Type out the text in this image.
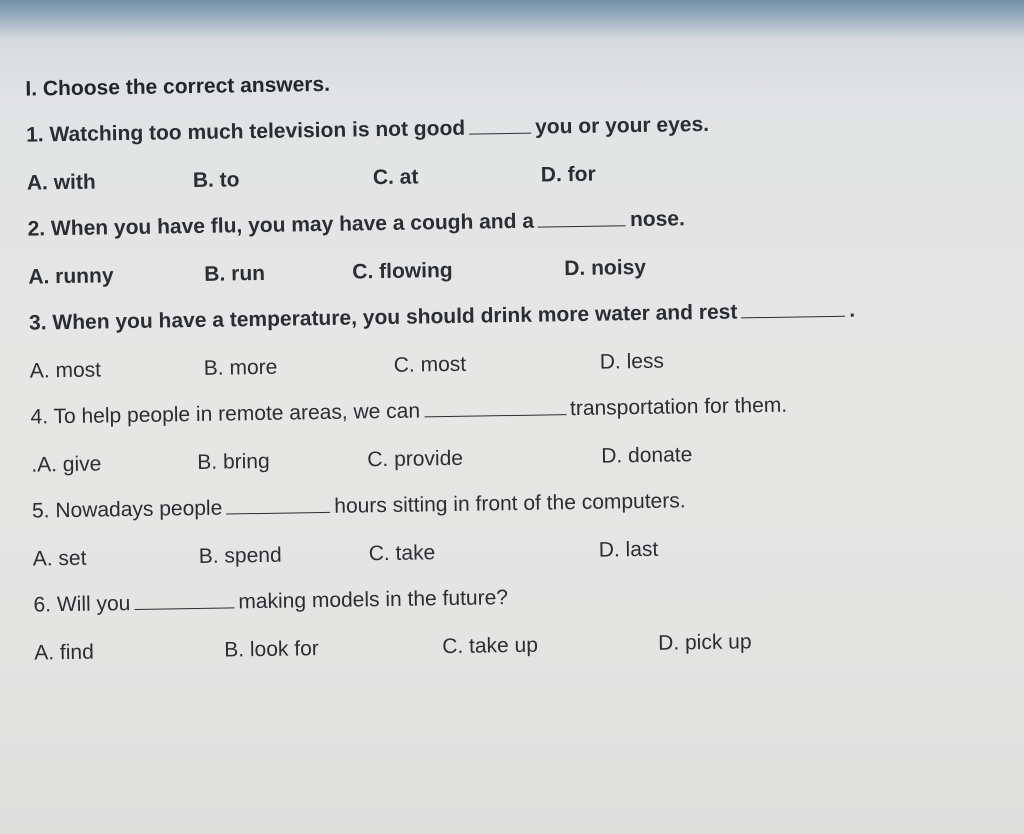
I. Choose the correct answers.
1. Watching too much television is not good	you or your eyes.
A. with	B. to	C. at	D. for
2. When you have flu, you may have a cough and a	nose.
A. runny	B. run	C. flowing	D. noisy
3. When you have a temperature, you should drink more water and rest	.
A. most	B. more	C. most	D. less
4. To help people in remote areas, we can	transportation for them.
.A. give	B. bring	C. provide	D. donate
5. Nowadays people	hours sitting in front of the computers.
A. set	B. spend	C. take	D. last
6. Will you	making models in the future?
A. find	B. look for	C. take up	D. pick up
